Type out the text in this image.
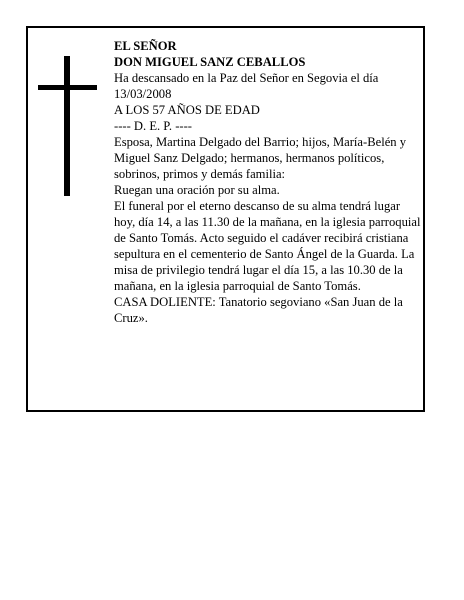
EL SEÑOR

DON MIGUEL SANZ CEBALLOS

Ha descansado en la Paz del Señor en Segovia el día 13/03/2008

A LOS 57 AÑOS DE EDAD

---- D. E. P. ----

Esposa, Martina Delgado del Barrio; hijos, María-Belén y Miguel Sanz Delgado; hermanos, hermanos políticos, sobrinos, primos y demás familia:

Ruegan una oración por su alma.

El funeral por el eterno descanso de su alma tendrá lugar hoy, día 14, a las 11.30 de la mañana, en la iglesia parroquial de Santo Tomás. Acto seguido el cadáver recibirá cristiana sepultura en el cementerio de Santo Ángel de la Guarda. La misa de privilegio tendrá lugar el día 15, a las 10.30 de la mañana, en la iglesia parroquial de Santo Tomás.

CASA DOLIENTE: Tanatorio segoviano «San Juan de la Cruz».
